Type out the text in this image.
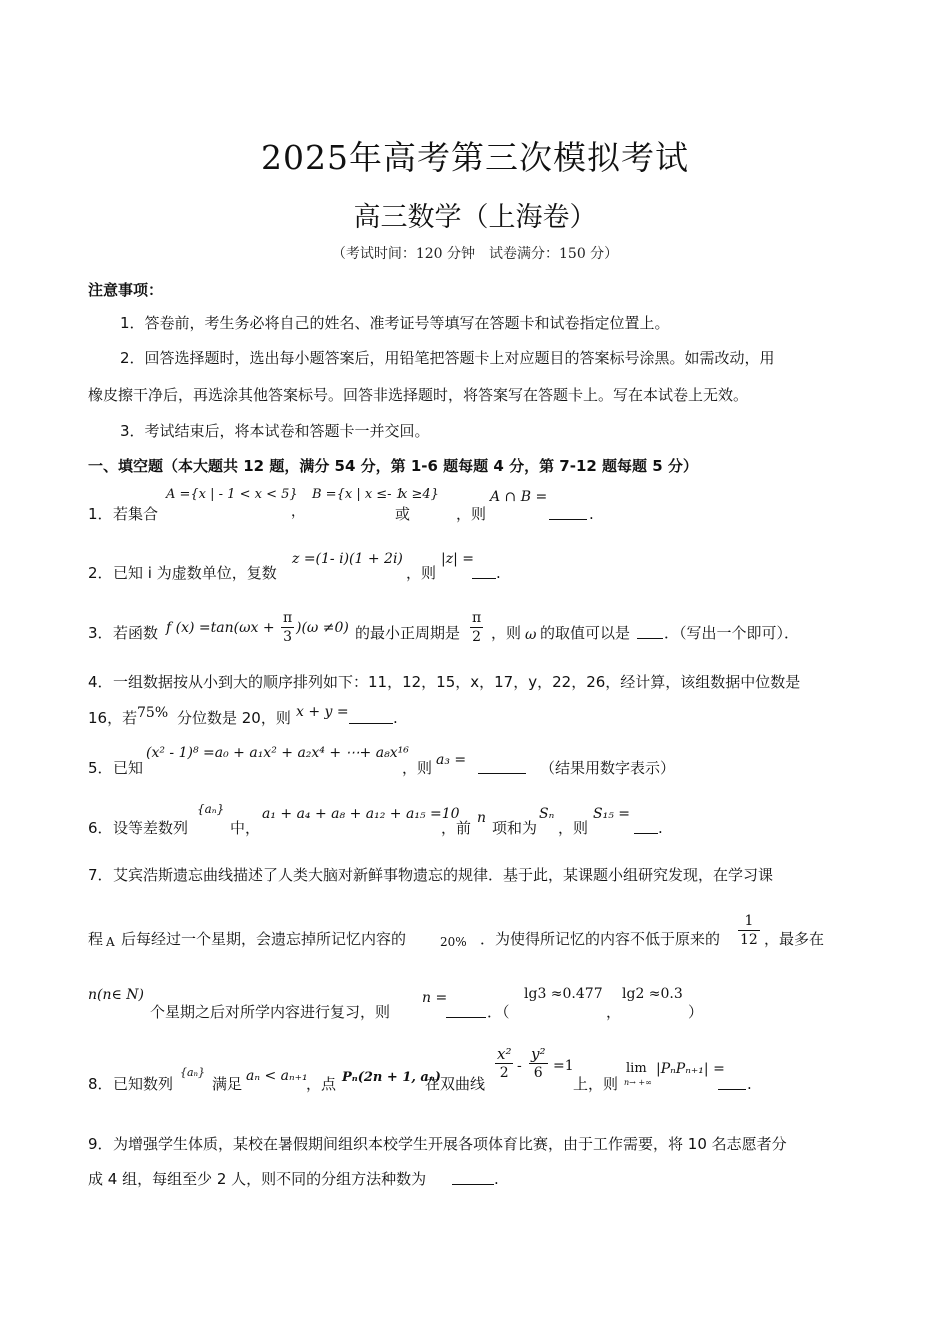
2025年高考第三次模拟考试
高三数学（上海卷）
（考试时间：120 分钟　试卷满分：150 分）
注意事项：
1．答卷前，考生务必将自己的姓名、准考证号等填写在答题卡和试卷指定位置上。
2．回答选择题时，选出每小题答案后，用铅笔把答题卡上对应题目的答案标号涂黑。如需改动，用
橡皮擦干净后，再选涂其他答案标号。回答非选择题时，将答案写在答题卡上。写在本试卷上无效。
3．考试结束后，将本试卷和答题卡一并交回。
一、填空题（本大题共 12 题，满分 54 分，第 1-6 题每题 4 分，第 7-12 题每题 5 分）
1． 若集合
A ={x | - 1 < x < 5}
，
B ={x | x ≤- 1
或
x ≥4}
，则
A ∩ B =
.
2． 已知 i 为虚数单位，复数
z =(1- i)(1 + 2i)
，则
|z| =
.
3． 若函数 f $(x) =\tan(\omega x + \frac{\pi}{3} )(\omega \ne 0)$ 的最小正周期是 $\frac{\pi}{2}$ ，则 ω 的取值可以是 ．（写出一个即可）．
4． 一组数据按从小到大的顺序排列如下：11，12，15，x，17，y，22，26，经计算，该组数据中位数是
16，若 75% 分位数是 20，则 x + y =	.
5． 已知
(x² - 1)⁸ =a₀ + a₁x² + a₂x⁴ + ⋯+ a₈x¹⁶
，则 a₃ =	（结果用数字表示）
6． 设等差数列
{aₙ}
中，
a₁ + a₄ + a₈ + a₁₂ + a₁₅ =10
，前
n
项和为
Sₙ
，则
S₁₅ =
.
7． 艾宾浩斯遗忘曲线描述了人类大脑对新鲜事物遗忘的规律．基于此，某课题小组研究发现，在学习课
程 A 后每经过一个星期，会遗忘掉所记忆内容的	20% ．为使得所记忆的内容不低于原来的 $\frac{1}{12}$ ，最多在
n(n∈ N)
个星期之后对所学内容进行复习，则
n =
．（
lg3 ≈0.477
，
lg2 ≈0.3
）
8． 已知数列
{aₙ}
满足 aₙ < aₙ₊₁
，点 Pₙ(2n + 1, aₙ)
在双曲线
$\frac{\text{x²}}{2} - \frac{\text{y²}}{6} =1$
上，则
lim
n→ +∞
|PₙPₙ₊₁| =
.
9． 为增强学生体质，某校在暑假期间组织本校学生开展各项体育比赛，由于工作需要，将 10 名志愿者分
成 4 组，每组至少 2 人，则不同的分组方法种数为	.
